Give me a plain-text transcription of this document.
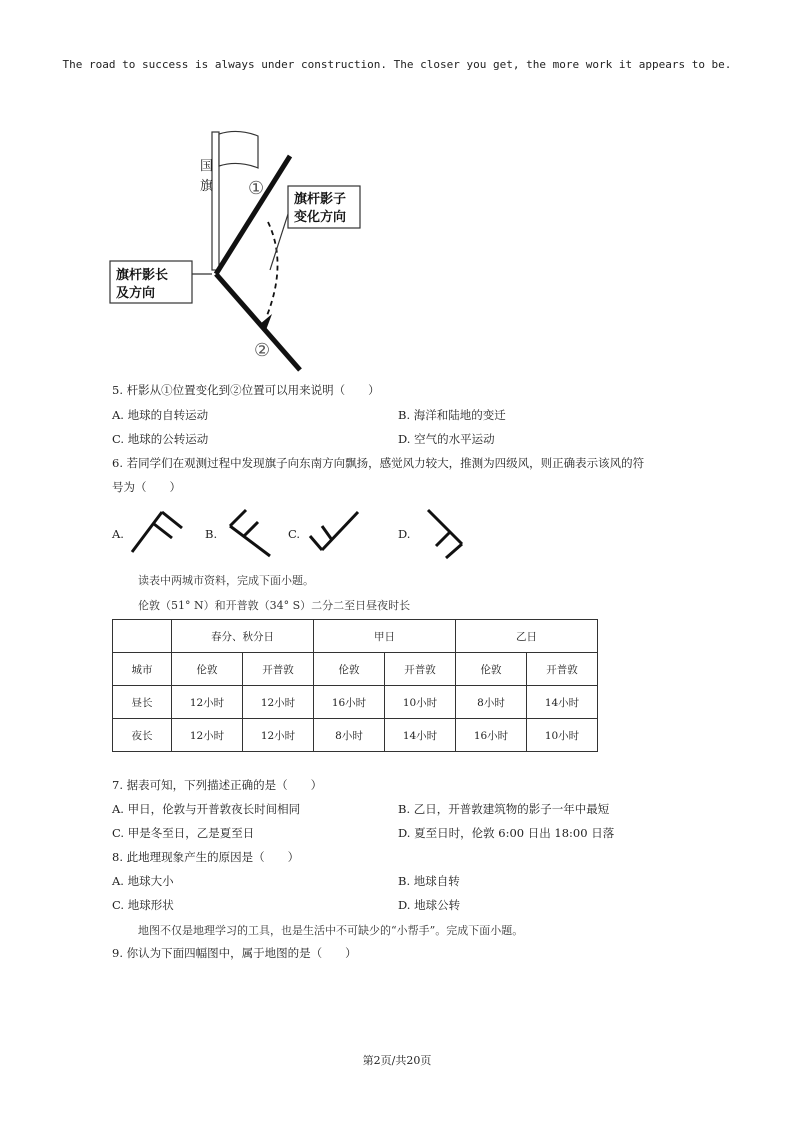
The road to success is always under construction. The closer you get, the more work it appears to be.
国
旗 ①
②
旗杆影长
及方向
旗杆影子
变化方向
5. 杆影从①位置变化到②位置可以用来说明（　　）
A. 地球的自转运动	B. 海洋和陆地的变迁
C. 地球的公转运动	D. 空气的水平运动
6. 若同学们在观测过程中发现旗子向东南方向飘扬，感觉风力较大，推测为四级风，则正确表示该风的符
号为（　　）
A.	B.	C.	D.
读表中两城市资料，完成下面小题。
伦敦（51° N）和开普敦（34° S）二分二至日昼夜时长
	春分、秋分日		甲日		乙日	
城市	伦敦	开普敦	伦敦	开普敦	伦敦	开普敦
昼长	12小时	12小时	16小时	10小时	8小时	14小时
夜长	12小时	12小时	8小时	14小时	16小时	10小时
7. 据表可知，下列描述正确的是（　　）
A. 甲日，伦敦与开普敦夜长时间相同	B. 乙日，开普敦建筑物的影子一年中最短
C. 甲是冬至日，乙是夏至日	D. 夏至日时，伦敦 6:00 日出 18:00 日落
8. 此地理现象产生的原因是（　　）
A. 地球大小	B. 地球自转
C. 地球形状	D. 地球公转
地图不仅是地理学习的工具，也是生活中不可缺少的“小帮手”。完成下面小题。
9. 你认为下面四幅图中，属于地图的是（　　）
第2页/共20页
